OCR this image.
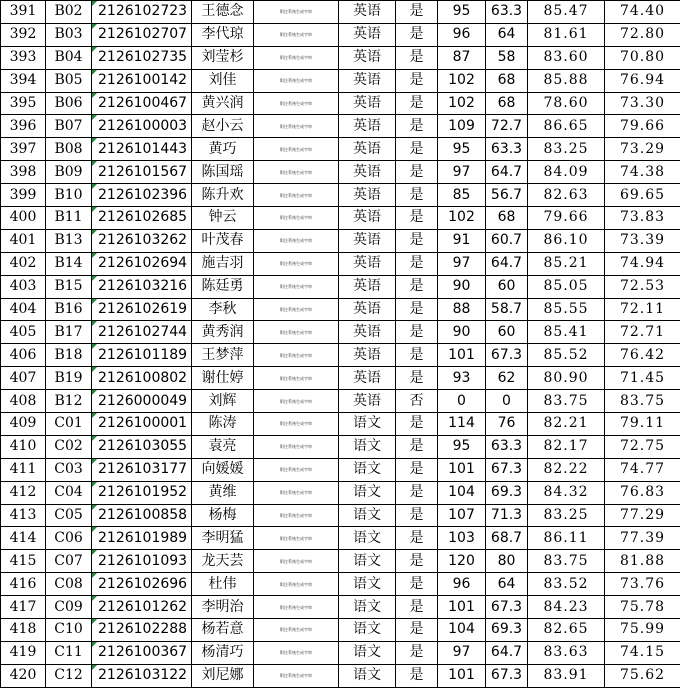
391	B02	2126102723	王德念	附注系统生成字串	英语	是	95	63.3	85.47	74.40
392	B03	2126102707	李代琼	附注系统生成字串	英语	是	96	64	81.61	72.80
393	B04	2126102735	刘莹杉	附注系统生成字串	英语	是	87	58	83.60	70.80
394	B05	2126100142	刘佳	附注系统生成字串	英语	是	102	68	85.88	76.94
395	B06	2126100467	黄兴润	附注系统生成字串	英语	是	102	68	78.60	73.30
396	B07	2126100003	赵小云	附注系统生成字串	英语	是	109	72.7	86.65	79.66
397	B08	2126101443	黄巧	附注系统生成字串	英语	是	95	63.3	83.25	73.29
398	B09	2126101567	陈国瑶	附注系统生成字串	英语	是	97	64.7	84.09	74.38
399	B10	2126102396	陈升欢	附注系统生成字串	英语	是	85	56.7	82.63	69.65
400	B11	2126102685	钟云	附注系统生成字串	英语	是	102	68	79.66	73.83
401	B13	2126103262	叶茂春	附注系统生成字串	英语	是	91	60.7	86.10	73.39
402	B14	2126102694	施吉羽	附注系统生成字串	英语	是	97	64.7	85.21	74.94
403	B15	2126103216	陈廷勇	附注系统生成字串	英语	是	90	60	85.05	72.53
404	B16	2126102619	李秋	附注系统生成字串	英语	是	88	58.7	85.55	72.11
405	B17	2126102744	黄秀润	附注系统生成字串	英语	是	90	60	85.41	72.71
406	B18	2126101189	王梦萍	附注系统生成字串	英语	是	101	67.3	85.52	76.42
407	B19	2126100802	谢仕婷	附注系统生成字串	英语	是	93	62	80.90	71.45
408	B12	2126000049	刘辉	附注系统生成字串	英语	否	0	0	83.75	83.75
409	C01	2126100001	陈涛	附注系统生成字串	语文	是	114	76	82.21	79.11
410	C02	2126103055	袁亮	附注系统生成字串	语文	是	95	63.3	82.17	72.75
411	C03	2126103177	向媛媛	附注系统生成字串	语文	是	101	67.3	82.22	74.77
412	C04	2126101952	黄维	附注系统生成字串	语文	是	104	69.3	84.32	76.83
413	C05	2126100858	杨梅	附注系统生成字串	语文	是	107	71.3	83.25	77.29
414	C06	2126101989	李明猛	附注系统生成字串	语文	是	103	68.7	86.11	77.39
415	C07	2126101093	龙天芸	附注系统生成字串	语文	是	120	80	83.75	81.88
416	C08	2126102696	杜伟	附注系统生成字串	语文	是	96	64	83.52	73.76
417	C09	2126101262	李明治	附注系统生成字串	语文	是	101	67.3	84.23	75.78
418	C10	2126102288	杨若意	附注系统生成字串	语文	是	104	69.3	82.65	75.99
419	C11	2126100367	杨清巧	附注系统生成字串	语文	是	97	64.7	83.63	74.15
420	C12	2126103122	刘尼娜	附注系统生成字串	语文	是	101	67.3	83.91	75.62
